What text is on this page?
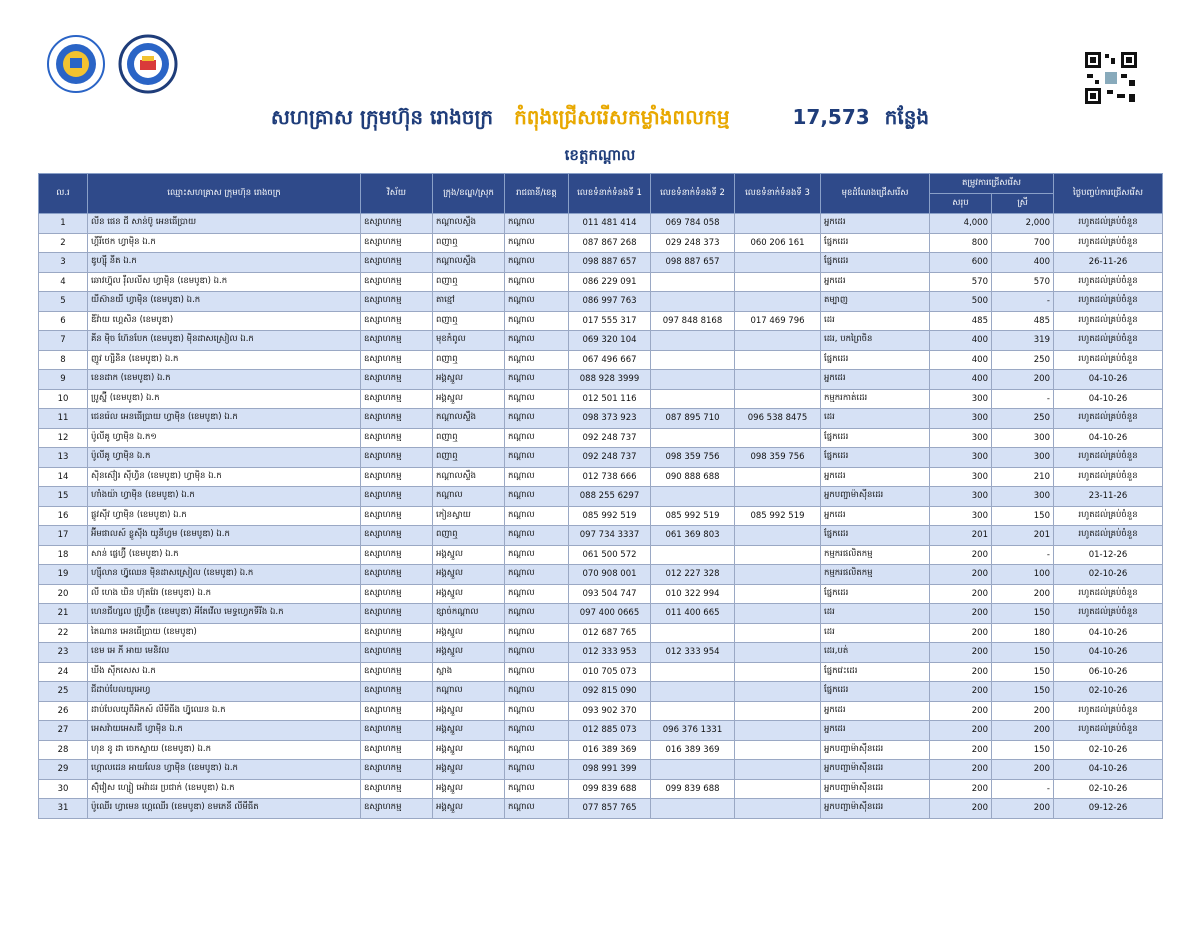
សហគ្រាស ក្រុមហ៊ុន រោងចក្រ កំពុងជ្រើសរើសកម្លាំងពលកម្ម	17,573 កន្លែង
ខេត្តកណ្តាល
ល.រ	ឈ្មោះសហគ្រាស ក្រុមហ៊ុន រោងចក្រ	វិស័យ	ក្រុង/ខណ្ឌ/ស្រុក	រាជធានី/ខេត្ត	លេខទំនាក់ទំនងទី 1	លេខទំនាក់ទំនងទី 2	លេខទំនាក់ទំនងទី 3	មុខដំណែងជ្រើសរើស	តម្រូវការជ្រើសរើស		ថ្ងៃបញ្ចប់ការជ្រើសរើស
									សរុប	ស្រី	
1	លីន ផេន ជី សាន់ប៊ូ អេនធើប្រាយ	ឧស្សាហកម្ម	កណ្តាលស្ទឹង	កណ្តាល	011 481 414	069 784 058		អ្នកដេរ	4,000	2,000	រហូតដល់គ្រប់ចំនួន
2	ហ្គីរីថេក ហ្វាម៉ិន ឯ.ក	ឧស្សាហកម្ម	ពញាឮ	កណ្តាល	087 867 268	029 248 373	060 206 161	ផ្នែកដេរ	800	700	រហូតដល់គ្រប់ចំនួន
3	ឌូហ្ស៊ី នីត ឯ.ក	ឧស្សាហកម្ម	កណ្តាលស្ទឹង	កណ្តាល	098 887 657	098 887 657		ផ្នែកដេរ	600	400	26-11-26
4	ឆោវហ្វ៊ុល រ៉ឺលលីស ហ្វាម៉ិន (ខេមបូឌា) ឯ.ក	ឧស្សាហកម្ម	ពញាឮ	កណ្តាល	086 229 091			អ្នកដេរ	570	570	រហូតដល់គ្រប់ចំនួន
5	យីស៊ានយី ហ្វាម៉ិន (ខេមបូឌា) ឯ.ក	ឧស្សាហកម្ម	តាខ្មៅ	កណ្តាល	086 997 763			តម្បាញ	500	-	រហូតដល់គ្រប់ចំនួន
6	ឌីវ៉ាយ ហ្គេសិន (ខេមបូឌា)	ឧស្សាហកម្ម	ពញាឮ	កណ្តាល	017 555 317	097 848 8168	017 469 796	ដេរ	485	485	រហូតដល់គ្រប់ចំនួន
7	គីន ម៉ិច ហ៊ែនបែក (ខេមបូឌា) ម៉ិនដាសស្រៀល ឯ.ក	ឧស្សាហកម្ម	មុខកំពូល	កណ្តាល	069 320 104			ដេរ, បកព្រៃចិន	400	319	រហូតដល់គ្រប់ចំនួន
8	ញូវ ហ្សិនិន (ខេមបូឌា) ឯ.ក	ឧស្សាហកម្ម	ពញាឮ	កណ្តាល	067 496 667			ផ្នែកដេរ	400	250	រហូតដល់គ្រប់ចំនួន
9	ខេនដាក (ខេមបូឌា) ឯ.ក	ឧស្សាហកម្ម	អង្គស្នួល	កណ្តាល	088 928 3999			អ្នកដេរ	400	200	04-10-26
10	ប្រូស្ហ៊ី (ខេមបូឌា) ឯ.ក	ឧស្សាហកម្ម	អង្គស្នួល	កណ្តាល	012 501 116			កម្មករកាត់ដេរ	300	-	04-10-26
11	ជេនរ៉េល អេនធើប្រាយ ហ្វាម៉ិន (ខេមបូឌា) ឯ.ក	ឧស្សាហកម្ម	កណ្តាលស្ទឹង	កណ្តាល	098 373 923	087 895 710	096 538 8475	ដេរ	300	250	រហូតដល់គ្រប់ចំនួន
12	ប៉ូលីគូ ហ្វាម៉ិន ឯ.ក១	ឧស្សាហកម្ម	ពញាឮ	កណ្តាល	092 248 737			ផ្នែកដេរ	300	300	04-10-26
13	ប៉ូលីគូ ហ្វាម៉ិន ឯ.ក	ឧស្សាហកម្ម	ពញាឮ	កណ្តាល	092 248 737	098 359 756	098 359 756	ផ្នែកដេរ	300	300	រហូតដល់គ្រប់ចំនួន
14	ស៊ិនស៊ៀរ ស៊ីហ្វិន (ខេមបូឌា) ហ្វាម៉ិន ឯ.ក	ឧស្សាហកម្ម	កណ្តាលស្ទឹង	កណ្តាល	012 738 666	090 888 688		អ្នកដេរ	300	210	រហូតដល់គ្រប់ចំនួន
15	ហាំងយ៉ា ហ្វាម៉ិន (ខេមបូឌា) ឯ.ក	ឧស្សាហកម្ម	កណ្តាល	កណ្តាល	088 255 6297			អ្នកបញ្ជាម៉ាស៊ីនដេរ	300	300	23-11-26
16	ផ្លូវស៊ីវ ហ្វាម៉ិន (ខេមបូឌា) ឯ.ក	ឧស្សាហកម្ម	កៀនស្វាយ	កណ្តាល	085 992 519	085 992 519	085 992 519	អ្នកដេរ	300	150	រហូតដល់គ្រប់ចំនួន
17	អ៊ីមផាលស៍ ខ្លូស៊ីង យូនីហ្វម (ខេមបូឌា) ឯ.ក	ឧស្សាហកម្ម	ពញាឮ	កណ្តាល	097 734 3337	061 369 803		ផ្នែកដេរ	201	201	រហូតដល់គ្រប់ចំនួន
18	សាន់ ផ្លេហ្វ៊ី (ខេមបូឌា) ឯ.ក	ឧស្សាហកម្ម	អង្គស្នួល	កណ្តាល	061 500 572			កម្មករផលិតកម្ម	200	-	01-12-26
19	ហ្ស៊ីលាន ហ្វ៊ូឈេន ម៉ិនដាសស្រៀល (ខេមបូឌា) ឯ.ក	ឧស្សាហកម្ម	អង្គស្នួល	កណ្តាល	070 908 001	012 227 328		កម្មករផលិតកម្ម	200	100	02-10-26
20	លី ហេង ឃិន ហ៊ុតវែរ (ខេមបូឌា) ឯ.ក	ឧស្សាហកម្ម	អង្គស្នួល	កណ្តាល	093 504 747	010 322 994		ផ្នែកដេរ	200	200	រហូតដល់គ្រប់ចំនួន
21	ហេនជីហ្សល ប្រ៊ូហ្វ៊ីត (ខេមបូឌា) អឹតែវើល មេទ្ធហ្វេកទីរីង ឯ.ក	ឧស្សាហកម្ម	ខ្សាច់កណ្តាល	កណ្តាល	097 400 0665	011 400 665		ដេរ	200	150	រហូតដល់គ្រប់ចំនួន
22	តៃណាន អេនធើប្រាយ (ខេមបូឌា)	ឧស្សាហកម្ម	អង្គស្នួល	កណ្តាល	012 687 765			ដេរ	200	180	04-10-26
23	ខេម អេ ភី អាយ មេនិវល	ឧស្សាហកម្ម	អង្គស្នួល	កណ្តាល	012 333 953	012 333 954		ដេរ,បត់	200	150	04-10-26
24	ឃីង ស៊ីកសេស ឯ.ក	ឧស្សាហកម្ម	ស្អាង	កណ្តាល	010 705 073			ផ្នែកវេះដេរ	200	150	06-10-26
25	ជីដាប់បែលយូអេហ្វ	ឧស្សាហកម្ម	កណ្តាល	កណ្តាល	092 815 090			ផ្នែកដេរ	200	150	02-10-26
26	ដាប់បែលយូពីអិកស៍ លីមីធីង ហ្វ៊ូឈេន ឯ.ក	ឧស្សាហកម្ម	អង្គស្នួល	កណ្តាល	093 902 370			អ្នកដេរ	200	200	រហូតដល់គ្រប់ចំនួន
27	អេសវ៉ាយអេសជី ហ្វាម៉ិន ឯ.ក	ឧស្សាហកម្ម	អង្គស្នួល	កណ្តាល	012 885 073	096 376 1331		អ្នកដេរ	200	200	រហូតដល់គ្រប់ចំនួន
28	ហុន នូ ដា ចេកស្ទាយ (ខេមបូឌា) ឯ.ក	ឧស្សាហកម្ម	អង្គស្នួល	កណ្តាល	016 389 369	016 389 369		អ្នកបញ្ជាម៉ាស៊ីនដេរ	200	150	02-10-26
29	ហ្គោលដេន អាយលែន ហ្វាម៉ិន (ខេមបូឌា) ឯ.ក	ឧស្សាហកម្ម	អង្គស្នួល	កណ្តាល	098 991 399			អ្នកបញ្ជាម៉ាស៊ីនដេរ	200	200	04-10-26
30	ស៊ុំវៀស ហ្សៀ អេវ៉ាដរ ប្រជាក់ (ខេមបូឌា) ឯ.ក	ឧស្សាហកម្ម	អង្គស្នួល	កណ្តាល	099 839 688	099 839 688		អ្នកបញ្ជាម៉ាស៊ីនដេរ	200	-	02-10-26
31	ប៉ូឈើរ ហ្វាមេន ហ្គេឈើរ (ខេមបូឌា) ខមភេនី លីមីធីត	ឧស្សាហកម្ម	អង្គស្នួល	កណ្តាល	077 857 765			អ្នកបញ្ជាម៉ាស៊ីនដេរ	200	200	09-12-26
